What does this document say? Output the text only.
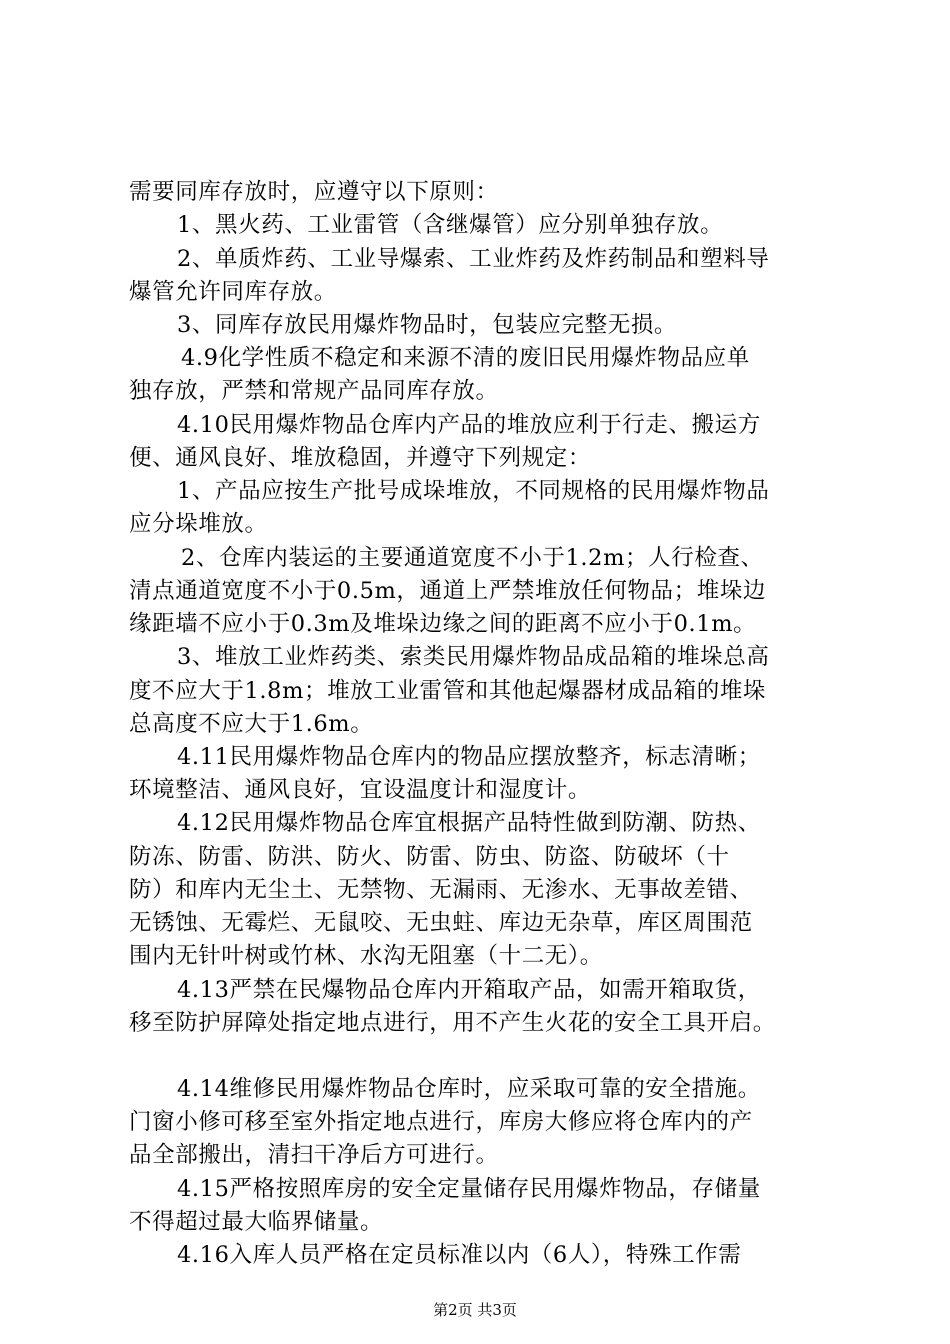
需要同库存放时，应遵守以下原则：
1、黑火药、工业雷管（含继爆管）应分别单独存放。
2、单质炸药、工业导爆索、工业炸药及炸药制品和塑料导
爆管允许同库存放。
3、同库存放民用爆炸物品时，包装应完整无损。
4.9化学性质不稳定和来源不清的废旧民用爆炸物品应单
独存放，严禁和常规产品同库存放。
4.10民用爆炸物品仓库内产品的堆放应利于行走、搬运方
便、通风良好、堆放稳固，并遵守下列规定：
1、产品应按生产批号成垛堆放，不同规格的民用爆炸物品
应分垛堆放。
2、仓库内装运的主要通道宽度不小于1.2m；人行检查、
清点通道宽度不小于0.5m，通道上严禁堆放任何物品；堆垛边
缘距墙不应小于0.3m及堆垛边缘之间的距离不应小于0.1m。
3、堆放工业炸药类、索类民用爆炸物品成品箱的堆垛总高
度不应大于1.8m；堆放工业雷管和其他起爆器材成品箱的堆垛
总高度不应大于1.6m。
4.11民用爆炸物品仓库内的物品应摆放整齐，标志清晰；
环境整洁、通风良好，宜设温度计和湿度计。
4.12民用爆炸物品仓库宜根据产品特性做到防潮、防热、
防冻、防雷、防洪、防火、防雷、防虫、防盗、防破坏（十
防）和库内无尘土、无禁物、无漏雨、无渗水、无事故差错、
无锈蚀、无霉烂、无鼠咬、无虫蛀、库边无杂草，库区周围范
围内无针叶树或竹林、水沟无阻塞（十二无）。
4.13严禁在民爆物品仓库内开箱取产品，如需开箱取货，
移至防护屏障处指定地点进行，用不产生火花的安全工具开启。
4.14维修民用爆炸物品仓库时，应采取可靠的安全措施。
门窗小修可移至室外指定地点进行，库房大修应将仓库内的产
品全部搬出，清扫干净后方可进行。
4.15严格按照库房的安全定量储存民用爆炸物品，存储量
不得超过最大临界储量。
4.16入库人员严格在定员标准以内（6人），特殊工作需
第2页 共3页
